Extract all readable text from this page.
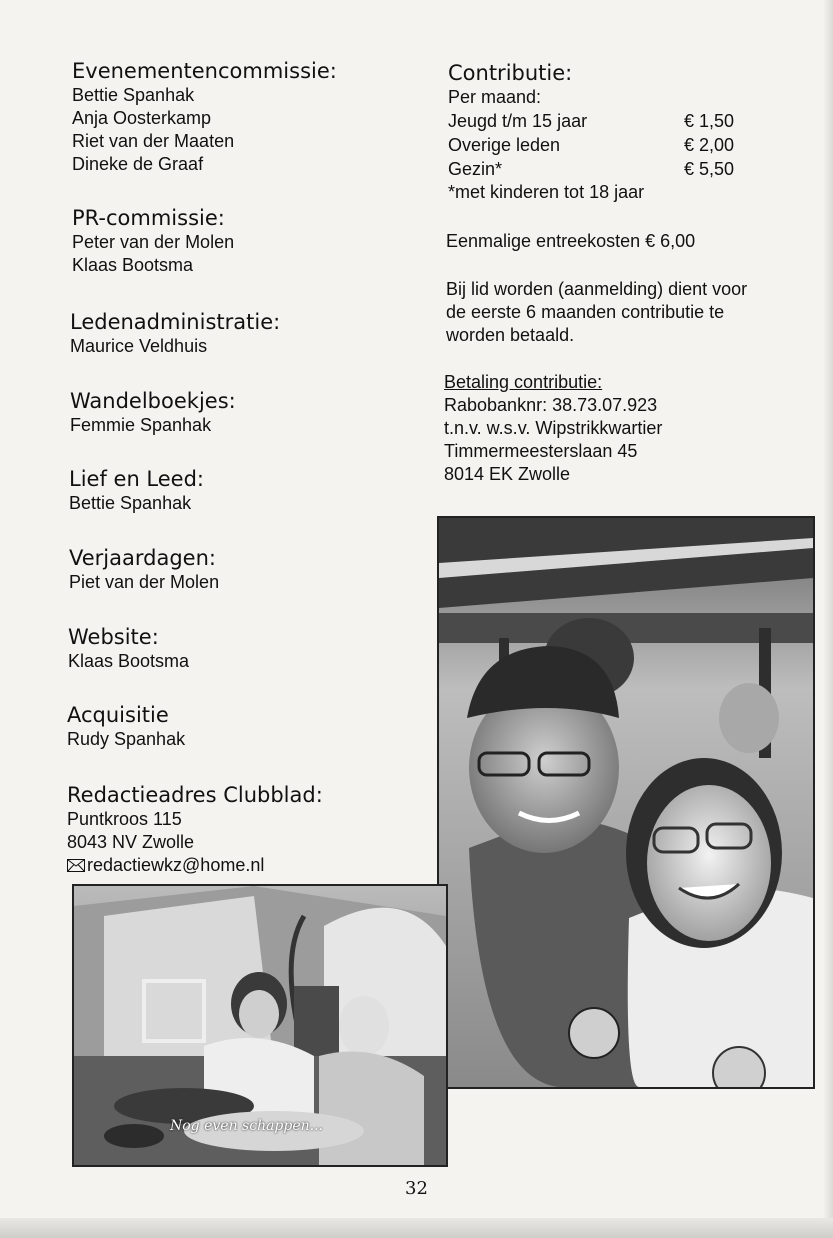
Evenementencommissie:
Bettie Spanhak
Anja Oosterkamp
Riet van der Maaten
Dineke de Graaf
PR-commissie:
Peter van der Molen
Klaas Bootsma
Ledenadministratie:
Maurice Veldhuis
Wandelboekjes:
Femmie Spanhak
Lief en Leed:
Bettie Spanhak
Verjaardagen:
Piet van der Molen
Website:
Klaas Bootsma
Acquisitie
Rudy Spanhak
Redactieadres Clubblad:
Puntkroos 115
8043 NV Zwolle
redactiewkz@home.nl
Contributie:
Per maand:
Jeugd t/m 15 jaar	€ 1,50
Overige leden	€ 2,00
Gezin*	€ 5,50
*met kinderen tot 18 jaar
Eenmalige entreekosten € 6,00
Bij lid worden (aanmelding) dient voor
de eerste 6 maanden contributie te
worden betaald.
Betaling contributie:
Rabobanknr: 38.73.07.923
t.n.v. w.s.v. Wipstrikkwartier
Timmermeesterslaan 45
8014 EK Zwolle
Nog even schappen...
32
